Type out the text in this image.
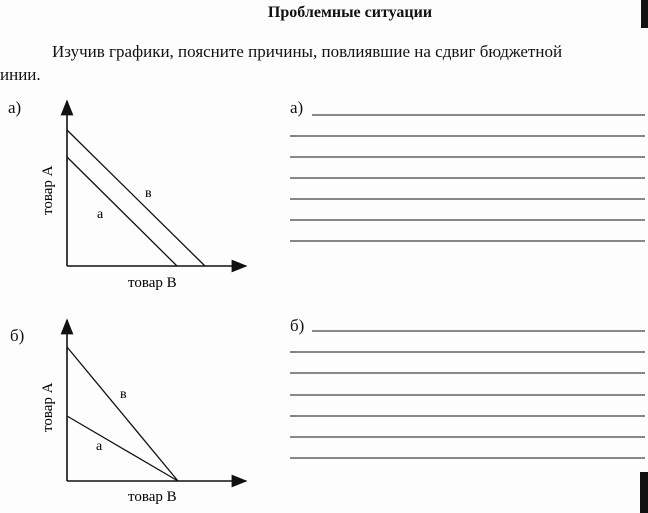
Проблемные ситуации
Изучив графики, поясните причины, повлиявшие на сдвиг бюджетной
инии.
а)
б)
а)
б)
а
в
товар B
товар A
а
в
товар B
товар A
